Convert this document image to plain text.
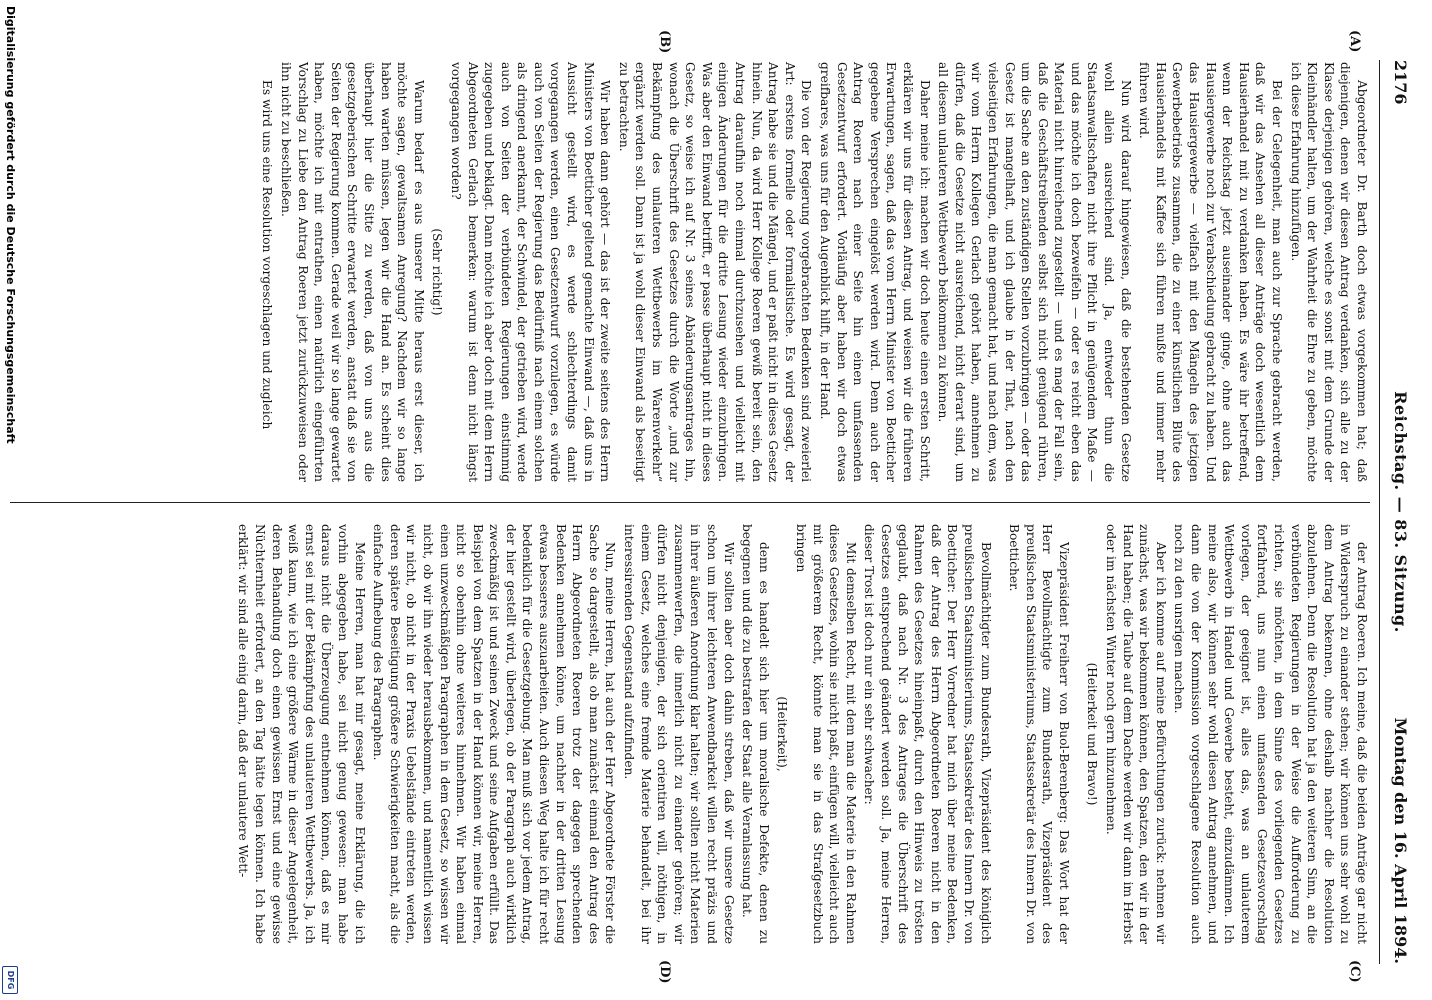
2176
Reichstag. — 83. Sitzung.
Montag den 16. April 1894.
(A)
(B)
(C)
(D)

Abgeordneter Dr. Barth doch etwas vorgekommen hat; daß diejenigen, denen wir diesen Antrag verdanken, sich alle zu der Klasse derjenigen gehören, welche es sonst mit dem Grunde der Kleinhändler halten, um der Wahrheit die Ehre zu geben, möchte ich diese Erfahrung hinzufügen.

Bei der Gelegenheit, man auch zur Sprache gebracht werden, daß wir das Ansehen all dieser Anträge doch wesentlich dem Hausierhandel mit zu verdanken haben. Es wäre ihr betreffend, wenn der Reichstag jetzt auseinander ginge, ohne auch das Hausiergewerbe noch zur Verabschiedung gebracht zu haben. Und das Hausiergewerbe — vielfach mit den Mängeln des jetzigen Gewerbebetriebs zusammen, die zu einer künstlichen Blüte des Hausierhandels mit Kaffee sich führen mußte und immer mehr führen wird.

Nun wird darauf hingewiesen, daß die bestehenden Gesetze wohl allein ausreichend sind. Ja, entweder thun die Staatsanwaltschaften nicht ihre Pflicht in genügendem Maße — und das möchte ich doch bezweifeln — oder es reicht eben das Material nicht hinreichend zugestellt — und es mag der Fall sein, daß die Geschäftstreibenden selbst sich nicht genügend rühren, um die Sache an den zuständigen Stellen vorzubringen — oder das Gesetz ist mangelhaft, und ich glaube in der That, nach den vielseitigen Erfahrungen, die man gemacht hat, und nach dem, was wir vom Herrn Kollegen Gerlach gehört haben, annehmen zu dürfen, daß die Gesetze nicht ausreichend, nicht derart sind, um all diesem unlauteren Wettbewerb beikommen zu können.

Daher meine ich: machen wir doch heute einen ersten Schritt, erklären wir uns für diesen Antrag, und weisen wir die früheren Erwartungen, sagen, daß das vom Herrn Minister von Boetticher gegebene Versprechen eingelöst werden wird. Denn auch der Antrag Roeren nach einer Seite hin einen umfassenden Gesetzentwurf erfordert. Vorläufig aber haben wir doch etwas greifbares, was uns für den Augenblick hilft, in der Hand.

Die von der Regierung vorgebrachten Bedenken sind zweierlei Art: erstens formelle oder formalistische. Es wird gesagt, der Antrag habe sie und die Mängel, und er paßt nicht in dieses Gesetz hinein. Nun, da wird Herr Kollege Roeren gewiß bereit sein, den Antrag daraufhin noch einmal durchzusehen und vielleicht mit einigen Änderungen für die dritte Lesung wieder einzubringen. Was aber den Einwand betrifft, er passe überhaupt nicht in dieses Gesetz, so weise ich auf Nr. 3 seines Abänderungsantrages hin, wonach die Überschrift des Gesetzes durch die Worte „und zur Bekämpfung des unlauteren Wettbewerbs im Warenverkehr“ ergänzt werden soll. Dann ist ja wohl dieser Einwand als beseitigt zu betrachten.

Wir haben dann gehört — das ist der zweite seitens des Herrn Ministers von Boetticher geltend gemachte Einwand —, daß uns in Aussicht gestellt wird, es werde schlechterdings damit vorgegangen werden, einen Gesetzentwurf vorzulegen, es würde auch von Seiten der Regierung das Bedürfniß nach einem solchen als dringend anerkannt, der Schwindel, der getrieben wird, werde auch von Seiten der verbündeten Regierungen einstimmig zugegeben und beklagt. Dann möchte ich aber doch mit dem Herrn Abgeordneten Gerlach bemerken: warum ist denn nicht längst vorgegangen worden?

(Sehr richtig!)

Warum bedarf es aus unserer Mitte heraus erst dieser, ich möchte sagen, gewaltsamen Anregung? Nachdem wir so lange haben warten müssen, legen wir die Hand an. Es scheint dies überhaupt hier die Sitte zu werden, daß von uns aus die gesetzgeberischen Schritte erwartet werden, anstatt daß sie von Seiten der Regierung kommen. Gerade weil wir so lange gewartet haben, möchte ich mit entrathen, einen natürlich eingeführten Vorschlag zu Liebe den Antrag Roeren jetzt zurückzuweisen oder ihn nicht zu beschließen.

Es wird uns eine Resolution vorgeschlagen und zugleich

der Antrag Roeren. Ich meine, daß die beiden Anträge gar nicht in Widerspruch zu einander stehen; wir können uns sehr wohl zu dem Antrag bekennen, ohne deshalb nachher die Resolution abzulehnen. Denn die Resolution hat ja den weiteren Sinn, an die verbündeten Regierungen in der Weise die Aufforderung zu richten, sie möchten, in dem Sinne des vorliegenden Gesetzes fortfahrend, uns nun einen umfassenden Gesetzesvorschlag vorlegen, der geeignet ist, alles das, was an unlauterem Wettbewerb in Handel und Gewerbe besteht, einzudämmen. Ich meine also, wir können sehr wohl diesen Antrag annehmen, und dann die von der Kommission vorgeschlagene Resolution auch noch zu den unsrigen machen.

Aber ich komme auf meine Befürchtungen zurück: nehmen wir zunächst, was wir bekommen können, den Spatzen, den wir in der Hand haben; die Taube auf dem Dache werden wir dann im Herbst oder im nächsten Winter noch gern hinzunehmen.

(Heiterkeit und Bravo!)

Vizepräsident Freiherr von Buol-Berenberg: Das Wort hat der Herr Bevollmächtigte zum Bundesrath, Vizepräsident des preußischen Staatsministeriums, Staatssekretär des Innern Dr. von Boetticher.

Bevollmächtigter zum Bundesrath, Vizepräsident des königlich preußischen Staatsministeriums, Staatssekretär des Innern Dr. von Boetticher: Der Herr Vorredner hat mich über meine Bedenken, daß der Antrag des Herrn Abgeordneten Roeren nicht in den Rahmen des Gesetzes hineinpaßt, durch den Hinweis zu trösten geglaubt, daß nach Nr. 3 des Antrages die Überschrift des Gesetzes entsprechend geändert werden soll. Ja, meine Herren, dieser Trost ist doch nur ein sehr schwacher:

Mit demselben Recht, mit dem man die Materie in den Rahmen dieses Gesetzes, wohin sie nicht paßt, einfügen will, vielleicht auch mit größerem Recht, könnte man sie in das Strafgesetzbuch bringen

(Heiterkeit),

denn es handelt sich hier um moralische Defekte, denen zu begegnen und die zu bestrafen der Staat alle Veranlassung hat.

Wir sollten aber doch dahin streben, daß wir unsere Gesetze schon um ihrer leichteren Anwendbarkeit willen recht präzis und in ihrer äußeren Anordnung klar halten; wir sollten nicht Materien zusammenwerfen, die innerlich nicht zu einander gehören; wir dürfen nicht denjenigen, der sich orientiren will, nöthigen, in einem Gesetz, welches eine fremde Materie behandelt, bei ihr interessirenden Gegenstand aufzufinden.

Nun, meine Herren, hat auch der Herr Abgeordnete Förster die Sache so dargestellt, als ob man zunächst einmal den Antrag des Herrn Abgeordneten Roeren trotz der dagegen sprechenden Bedenken annehmen könne, um nachher in der dritten Lesung etwas besseres auszuarbeiten. Auch diesen Weg halte ich für recht bedenklich für die Gesetzgebung. Man muß sich vor jedem Antrag, der hier gestellt wird, überlegen, ob der Paragraph auch wirklich zweckmäßig ist und seinen Zweck und seine Aufgaben erfüllt. Das Beispiel von dem Spatzen in der Hand können wir, meine Herren, nicht so obenhin ohne weiteres hinnehmen. Wir haben einmal einen unzweckmäßigen Paragraphen in dem Gesetz, so wissen wir nicht, ob wir ihn wieder herausbekommen, und namentlich wissen wir nicht, ob nicht in der Praxis Uebelstände eintreten werden, deren spätere Beseitigung größere Schwierigkeiten macht, als die einfache Aufhebung des Paragraphen.

Meine Herren, man hat mir gesagt, meine Erklärung, die ich vorhin abgegeben habe, sei nicht genug gewesen: man habe daraus nicht die Überzeugung entnehmen können, daß es mir ernst sei mit der Bekämpfung des unlauteren Wettbewerbs. Ja, ich weiß kaum, wie ich eine größere Wärme in dieser Angelegenheit, deren Behandlung doch einen gewissen Ernst und eine gewisse Nüchternheit erfordert, an den Tag hätte legen können. Ich habe erklärt: wir sind alle einig darin, daß der unlautere Wett-

Digitalisierung gefördert durch die Deutsche Forschungsgemeinschaft
DFG
